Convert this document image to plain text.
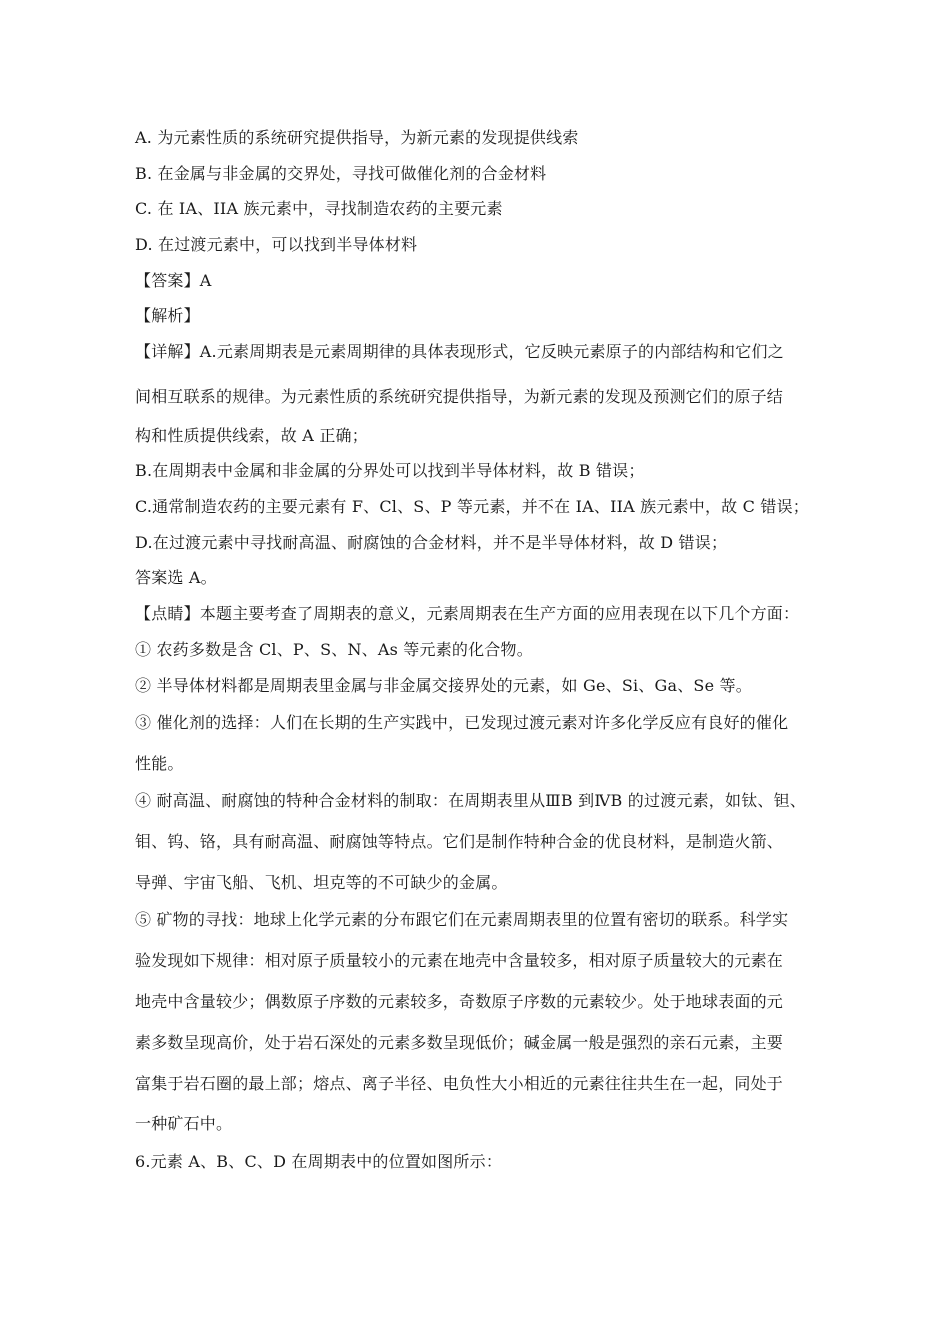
A. 为元素性质的系统研究提供指导，为新元素的发现提供线索
B. 在金属与非金属的交界处，寻找可做催化剂的合金材料
C. 在 IA、IIA 族元素中，寻找制造农药的主要元素
D. 在过渡元素中，可以找到半导体材料
【答案】A
【解析】
【详解】A.元素周期表是元素周期律的具体表现形式，它反映元素原子的内部结构和它们之
间相互联系的规律。为元素性质的系统研究提供指导，为新元素的发现及预测它们的原子结
构和性质提供线索，故 A 正确；
B.在周期表中金属和非金属的分界处可以找到半导体材料，故 B 错误；
C.通常制造农药的主要元素有 F、Cl、S、P 等元素，并不在 IA、IIA 族元素中，故 C 错误；
D.在过渡元素中寻找耐高温、耐腐蚀的合金材料，并不是半导体材料，故 D 错误；
答案选 A。
【点睛】本题主要考查了周期表的意义，元素周期表在生产方面的应用表现在以下几个方面：
① 农药多数是含 Cl、P、S、N、As 等元素的化合物。
② 半导体材料都是周期表里金属与非金属交接界处的元素，如 Ge、Si、Ga、Se 等。
③ 催化剂的选择：人们在长期的生产实践中，已发现过渡元素对许多化学反应有良好的催化
性能。
④ 耐高温、耐腐蚀的特种合金材料的制取：在周期表里从ⅢB 到ⅣB 的过渡元素，如钛、钽、
钼、钨、铬，具有耐高温、耐腐蚀等特点。它们是制作特种合金的优良材料，是制造火箭、
导弹、宇宙飞船、飞机、坦克等的不可缺少的金属。
⑤ 矿物的寻找：地球上化学元素的分布跟它们在元素周期表里的位置有密切的联系。科学实
验发现如下规律：相对原子质量较小的元素在地壳中含量较多，相对原子质量较大的元素在
地壳中含量较少；偶数原子序数的元素较多，奇数原子序数的元素较少。处于地球表面的元
素多数呈现高价，处于岩石深处的元素多数呈现低价；碱金属一般是强烈的亲石元素，主要
富集于岩石圈的最上部；熔点、离子半径、电负性大小相近的元素往往共生在一起，同处于
一种矿石中。
6.元素 A、B、C、D 在周期表中的位置如图所示：
